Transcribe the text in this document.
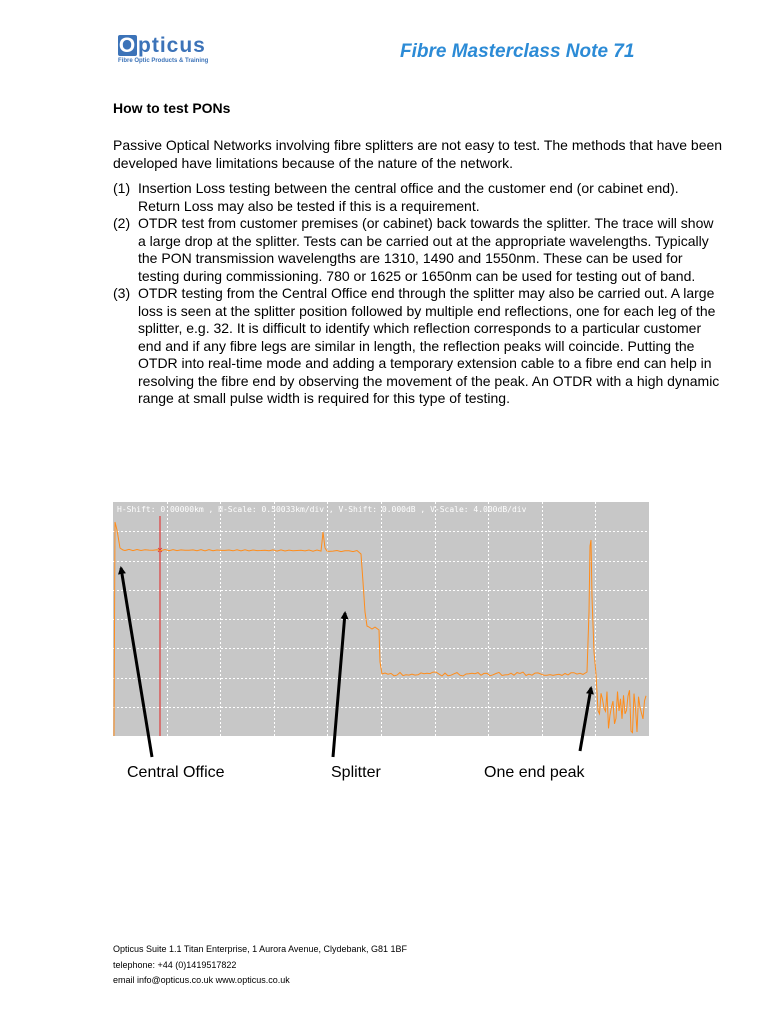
Opticus
Fibre Optic Products & Training	Fibre Masterclass Note 71
How to test PONs
Passive Optical Networks involving fibre splitters are not easy to test. The methods that have been developed have limitations because of the nature of the network.
(1) Insertion Loss testing between the central office and the customer end (or cabinet end). Return Loss may also be tested if this is a requirement.
(2) OTDR test from customer premises (or cabinet) back towards the splitter. The trace will show a large drop at the splitter. Tests can be carried out at the appropriate wavelengths. Typically the PON transmission wavelengths are 1310, 1490 and 1550nm. These can be used for testing during commissioning. 780 or 1625 or 1650nm can be used for testing out of band.
(3) OTDR testing from the Central Office end through the splitter may also be carried out. A large loss is seen at the splitter position followed by multiple end reflections, one for each leg of the splitter, e.g. 32. It is difficult to identify which reflection corresponds to a particular customer end and if any fibre legs are similar in length, the reflection peaks will coincide. Putting the OTDR into real-time mode and adding a temporary extension cable to a fibre end can help in resolving the fibre end by observing the movement of the peak. An OTDR with a high dynamic range at small pulse width is required for this type of testing.
H-Shift: 0.00000km , H-Scale: 0.50033km/div , V-Shift: 0.000dB , V-Scale: 4.000dB/div
×
Central Office	Splitter	One end peak
Opticus Suite 1.1 Titan Enterprise, 1 Aurora Avenue, Clydebank, G81 1BF
telephone: +44 (0)1419517822
email info@opticus.co.uk www.opticus.co.uk
